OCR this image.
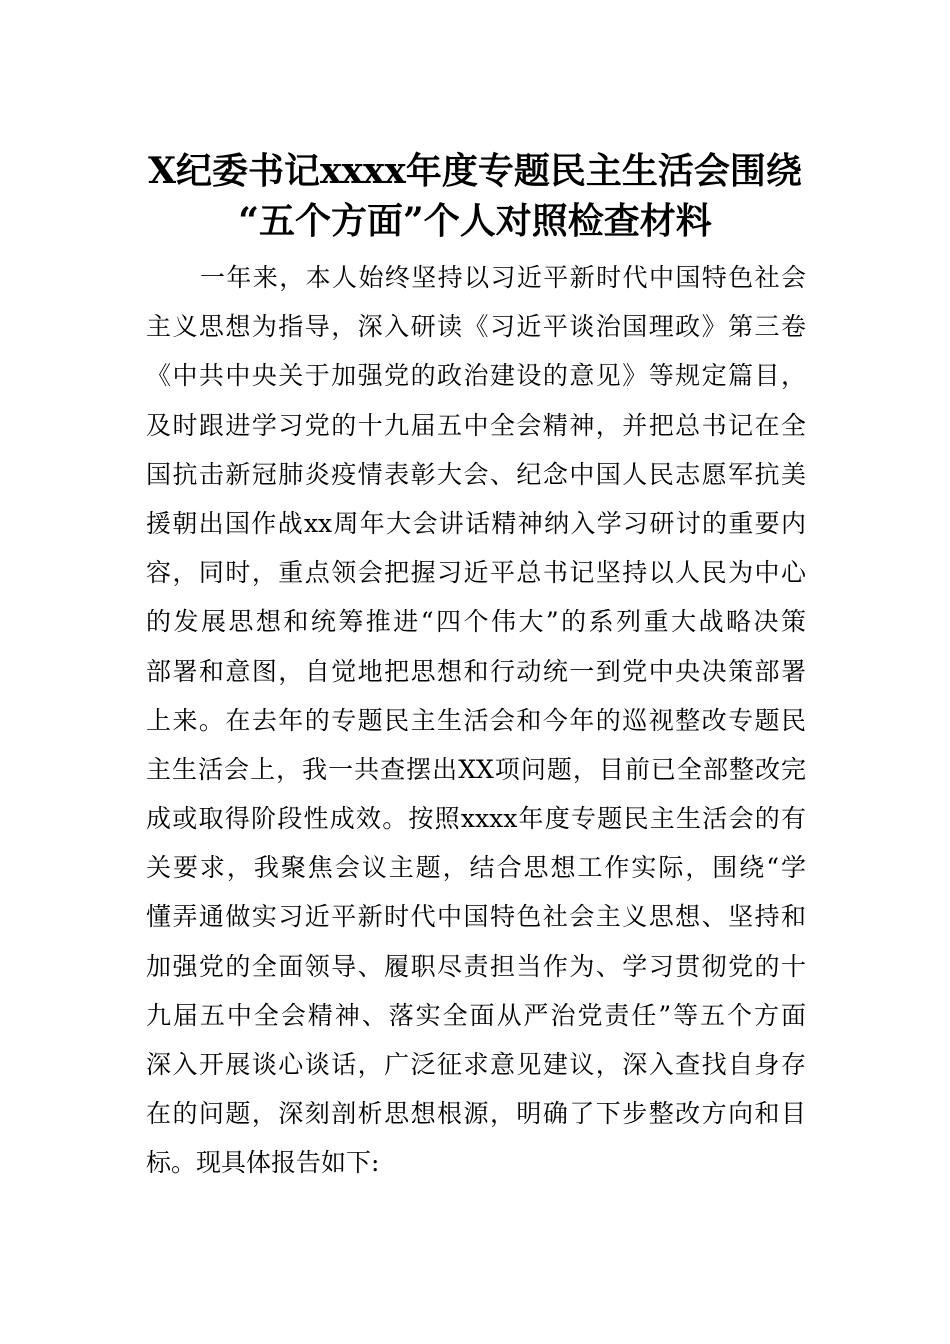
X纪委书记xxxx年度专题民主生活会围绕
“五个方面”个人对照检查材料
一年来，本人始终坚持以习近平新时代中国特色社会
主义思想为指导，深入研读《习近平谈治国理政》第三卷
《中共中央关于加强党的政治建设的意见》等规定篇目，
及时跟进学习党的十九届五中全会精神，并把总书记在全
国抗击新冠肺炎疫情表彰大会、纪念中国人民志愿军抗美
援朝出国作战xx周年大会讲话精神纳入学习研讨的重要内
容，同时，重点领会把握习近平总书记坚持以人民为中心
的发展思想和统筹推进“四个伟大”的系列重大战略决策
部署和意图，自觉地把思想和行动统一到党中央决策部署
上来。在去年的专题民主生活会和今年的巡视整改专题民
主生活会上，我一共查摆出XX项问题，目前已全部整改完
成或取得阶段性成效。按照xxxx年度专题民主生活会的有
关要求，我聚焦会议主题，结合思想工作实际，围绕“学
懂弄通做实习近平新时代中国特色社会主义思想、坚持和
加强党的全面领导、履职尽责担当作为、学习贯彻党的十
九届五中全会精神、落实全面从严治党责任”等五个方面
深入开展谈心谈话，广泛征求意见建议，深入查找自身存
在的问题，深刻剖析思想根源，明确了下步整改方向和目
标。现具体报告如下:
